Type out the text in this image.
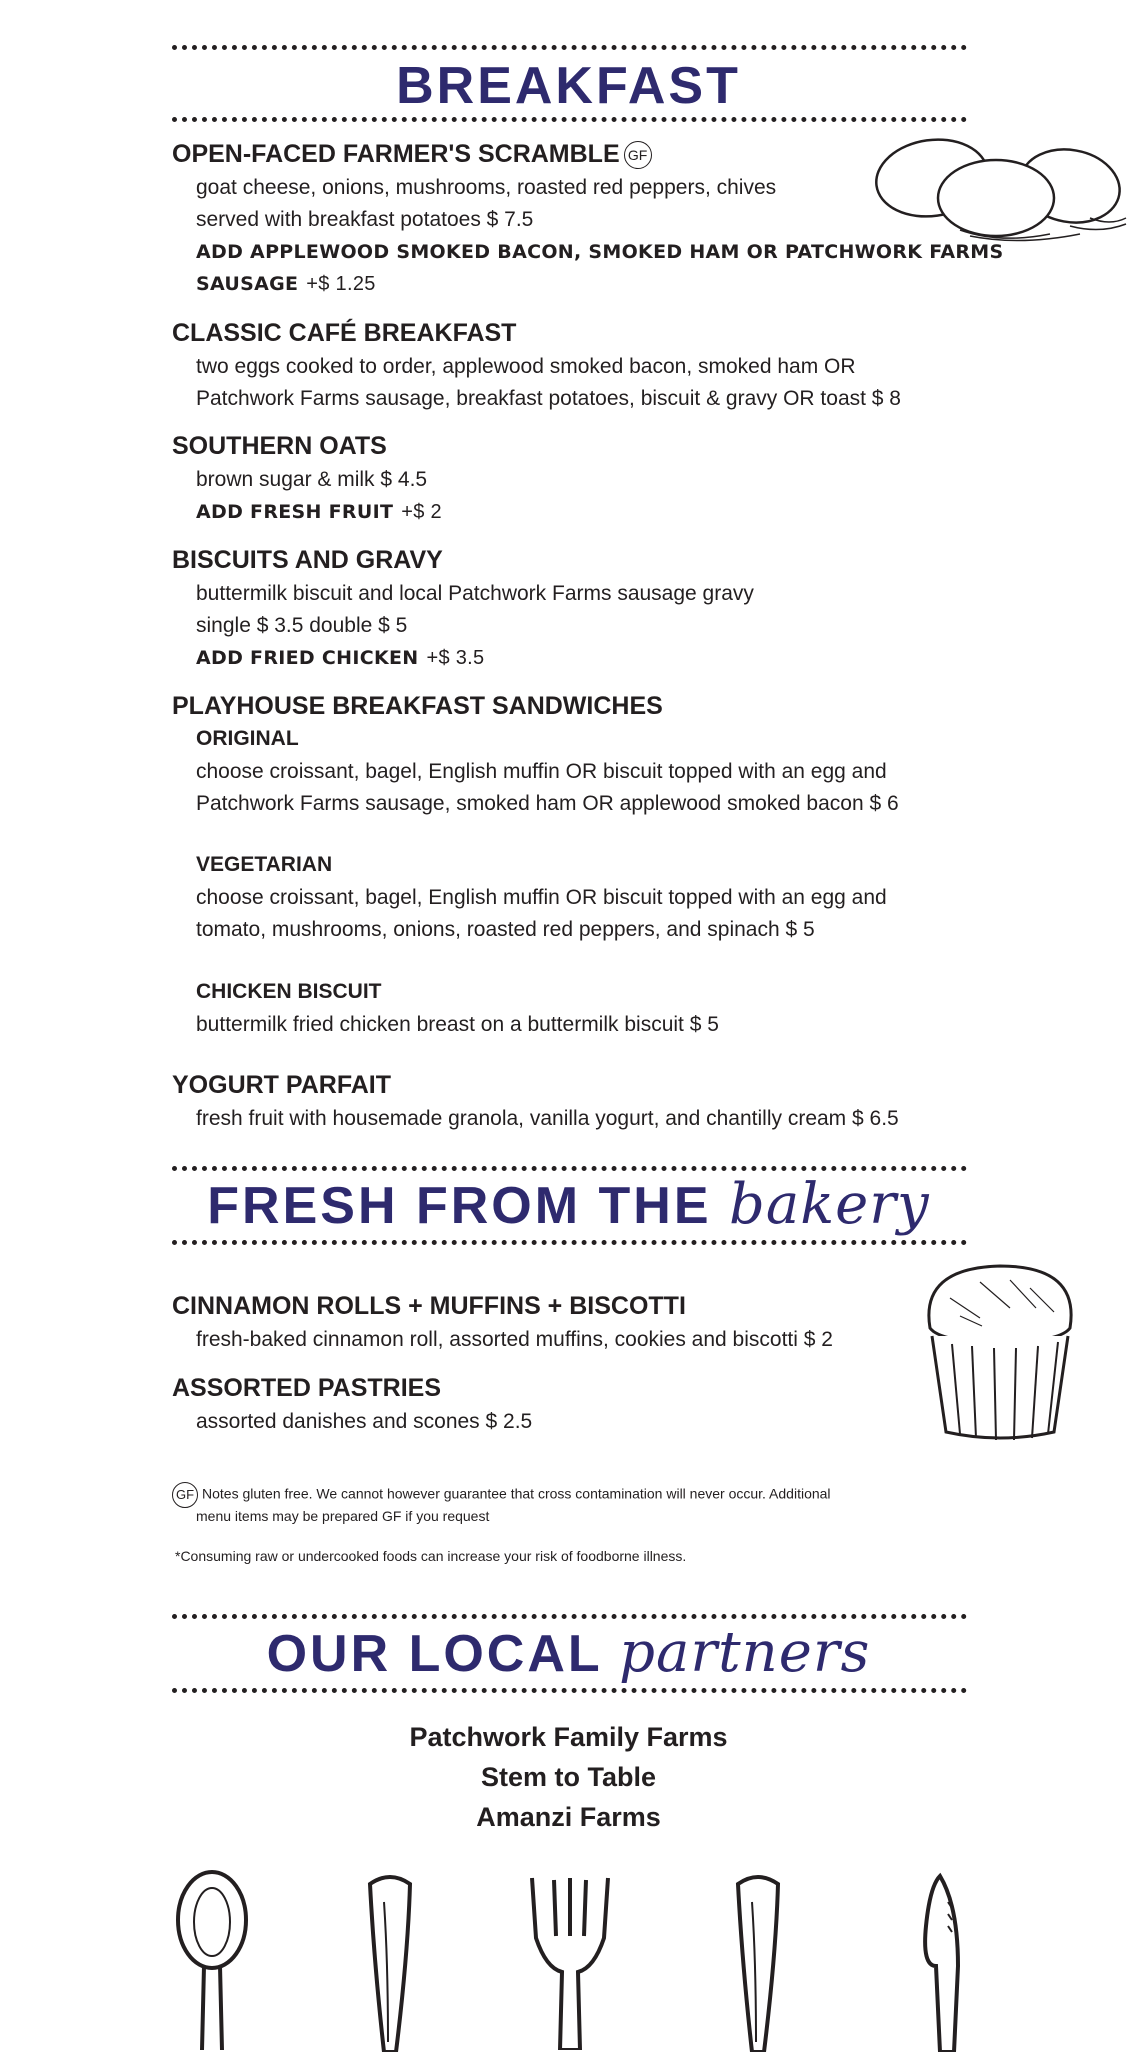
BREAKFAST
OPEN-FACED FARMER'S SCRAMBLE GF
goat cheese, onions, mushrooms, roasted red peppers, chives
served with breakfast potatoes $ 7.5
ADD APPLEWOOD SMOKED BACON, SMOKED HAM OR PATCHWORK FARMS
SAUSAGE +$ 1.25
CLASSIC CAFÉ BREAKFAST
two eggs cooked to order, applewood smoked bacon, smoked ham OR
Patchwork Farms sausage, breakfast potatoes, biscuit & gravy OR toast $ 8
SOUTHERN OATS
brown sugar & milk $ 4.5
ADD FRESH FRUIT +$ 2
BISCUITS AND GRAVY
buttermilk biscuit and local Patchwork Farms sausage gravy
single $ 3.5 double $ 5
ADD FRIED CHICKEN +$ 3.5
PLAYHOUSE BREAKFAST SANDWICHES
ORIGINAL
choose croissant, bagel, English muffin OR biscuit topped with an egg and
Patchwork Farms sausage, smoked ham OR applewood smoked bacon $ 6
VEGETARIAN
choose croissant, bagel, English muffin OR biscuit topped with an egg and
tomato, mushrooms, onions, roasted red peppers, and spinach $ 5
CHICKEN BISCUIT
buttermilk fried chicken breast on a buttermilk biscuit $ 5
YOGURT PARFAIT
fresh fruit with housemade granola, vanilla yogurt, and chantilly cream $ 6.5
FRESH FROM THE bakery
CINNAMON ROLLS + MUFFINS + BISCOTTI
fresh-baked cinnamon roll, assorted muffins, cookies and biscotti $ 2
ASSORTED PASTRIES
assorted danishes and scones $ 2.5
GF Notes gluten free. We cannot however guarantee that cross contamination will never occur. Additional
menu items may be prepared GF if you request
*Consuming raw or undercooked foods can increase your risk of foodborne illness.
OUR LOCAL partners
Patchwork Family Farms
Stem to Table
Amanzi Farms
